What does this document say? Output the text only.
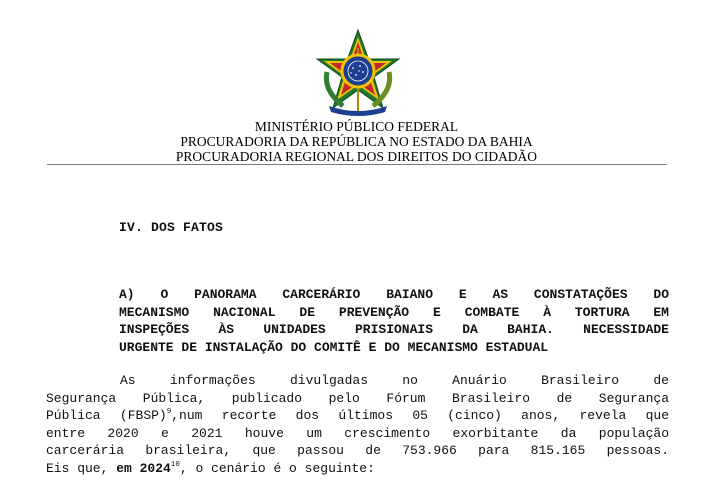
MINISTÉRIO PÚBLICO FEDERAL
PROCURADORIA DA REPÚBLICA NO ESTADO DA BAHIA
PROCURADORIA REGIONAL DOS DIREITOS DO CIDADÃO
IV. DOS FATOS
A) O PANORAMA CARCERÁRIO BAIANO E AS CONSTATAÇÕES DO
MECANISMO NACIONAL DE PREVENÇÃO E COMBATE À TORTURA EM
INSPEÇÕES ÀS UNIDADES PRISIONAIS DA BAHIA. NECESSIDADE
URGENTE DE INSTALAÇÃO DO COMITÊ E DO MECANISMO ESTADUAL
As informações divulgadas no Anuário Brasileiro de
Segurança Pública, publicado pelo Fórum Brasileiro de Segurança
Pública (FBSP)$^9$,num recorte dos últimos 05 (cinco) anos, revela que
entre 2020 e 2021 houve um crescimento exorbitante da população
carcerária brasileira, que passou de 753.966 para 815.165 pessoas.
Eis que, em 2024$^{10}$, o cenário é o seguinte:
